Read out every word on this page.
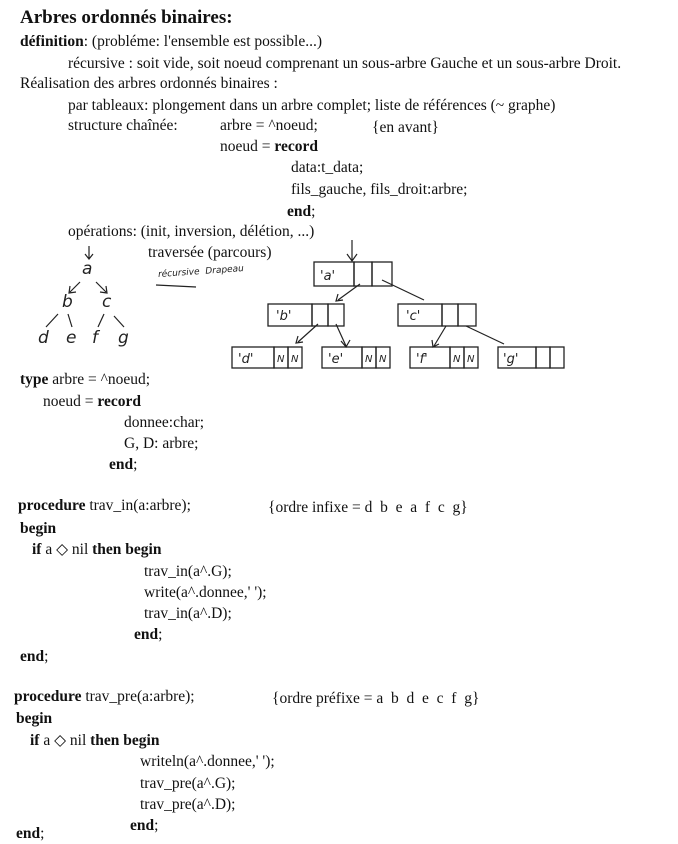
Arbres ordonnés binaires:
définition: (probléme: l'ensemble est possible...)
récursive : soit vide, soit noeud comprenant un sous-arbre Gauche et un sous-arbre Droit.
Réalisation des arbres ordonnés binaires :
par tableaux: plongement dans un arbre complet; liste de références (~ graphe)
structure chaînée:	arbre = ^noeud;	{en avant}
noeud = record
data:t_data;
fils_gauche, fils_droit:arbre;
end;
opérations: (init, inversion, délétion, ...)
traversée (parcours)
récursive  Drapeau
a
b c
d e f g
'a'
'b'	'c'
'd' N N 'e' N N 'f'	N N 'g'
type arbre = ^noeud;
noeud = record
donnee:char;
G, D: arbre;
end;
procedure trav_in(a:arbre);	{ordre infixe = d  b  e  a  f  c  g}
begin
if a ◇ nil then begin
trav_in(a^.G);
write(a^.donnee,' ');
trav_in(a^.D);
end;
end;
procedure trav_pre(a:arbre);	{ordre préfixe = a  b  d  e  c  f  g}
begin
if a ◇ nil then begin
writeln(a^.donnee,' ');
trav_pre(a^.G);
trav_pre(a^.D);
end;
end;
